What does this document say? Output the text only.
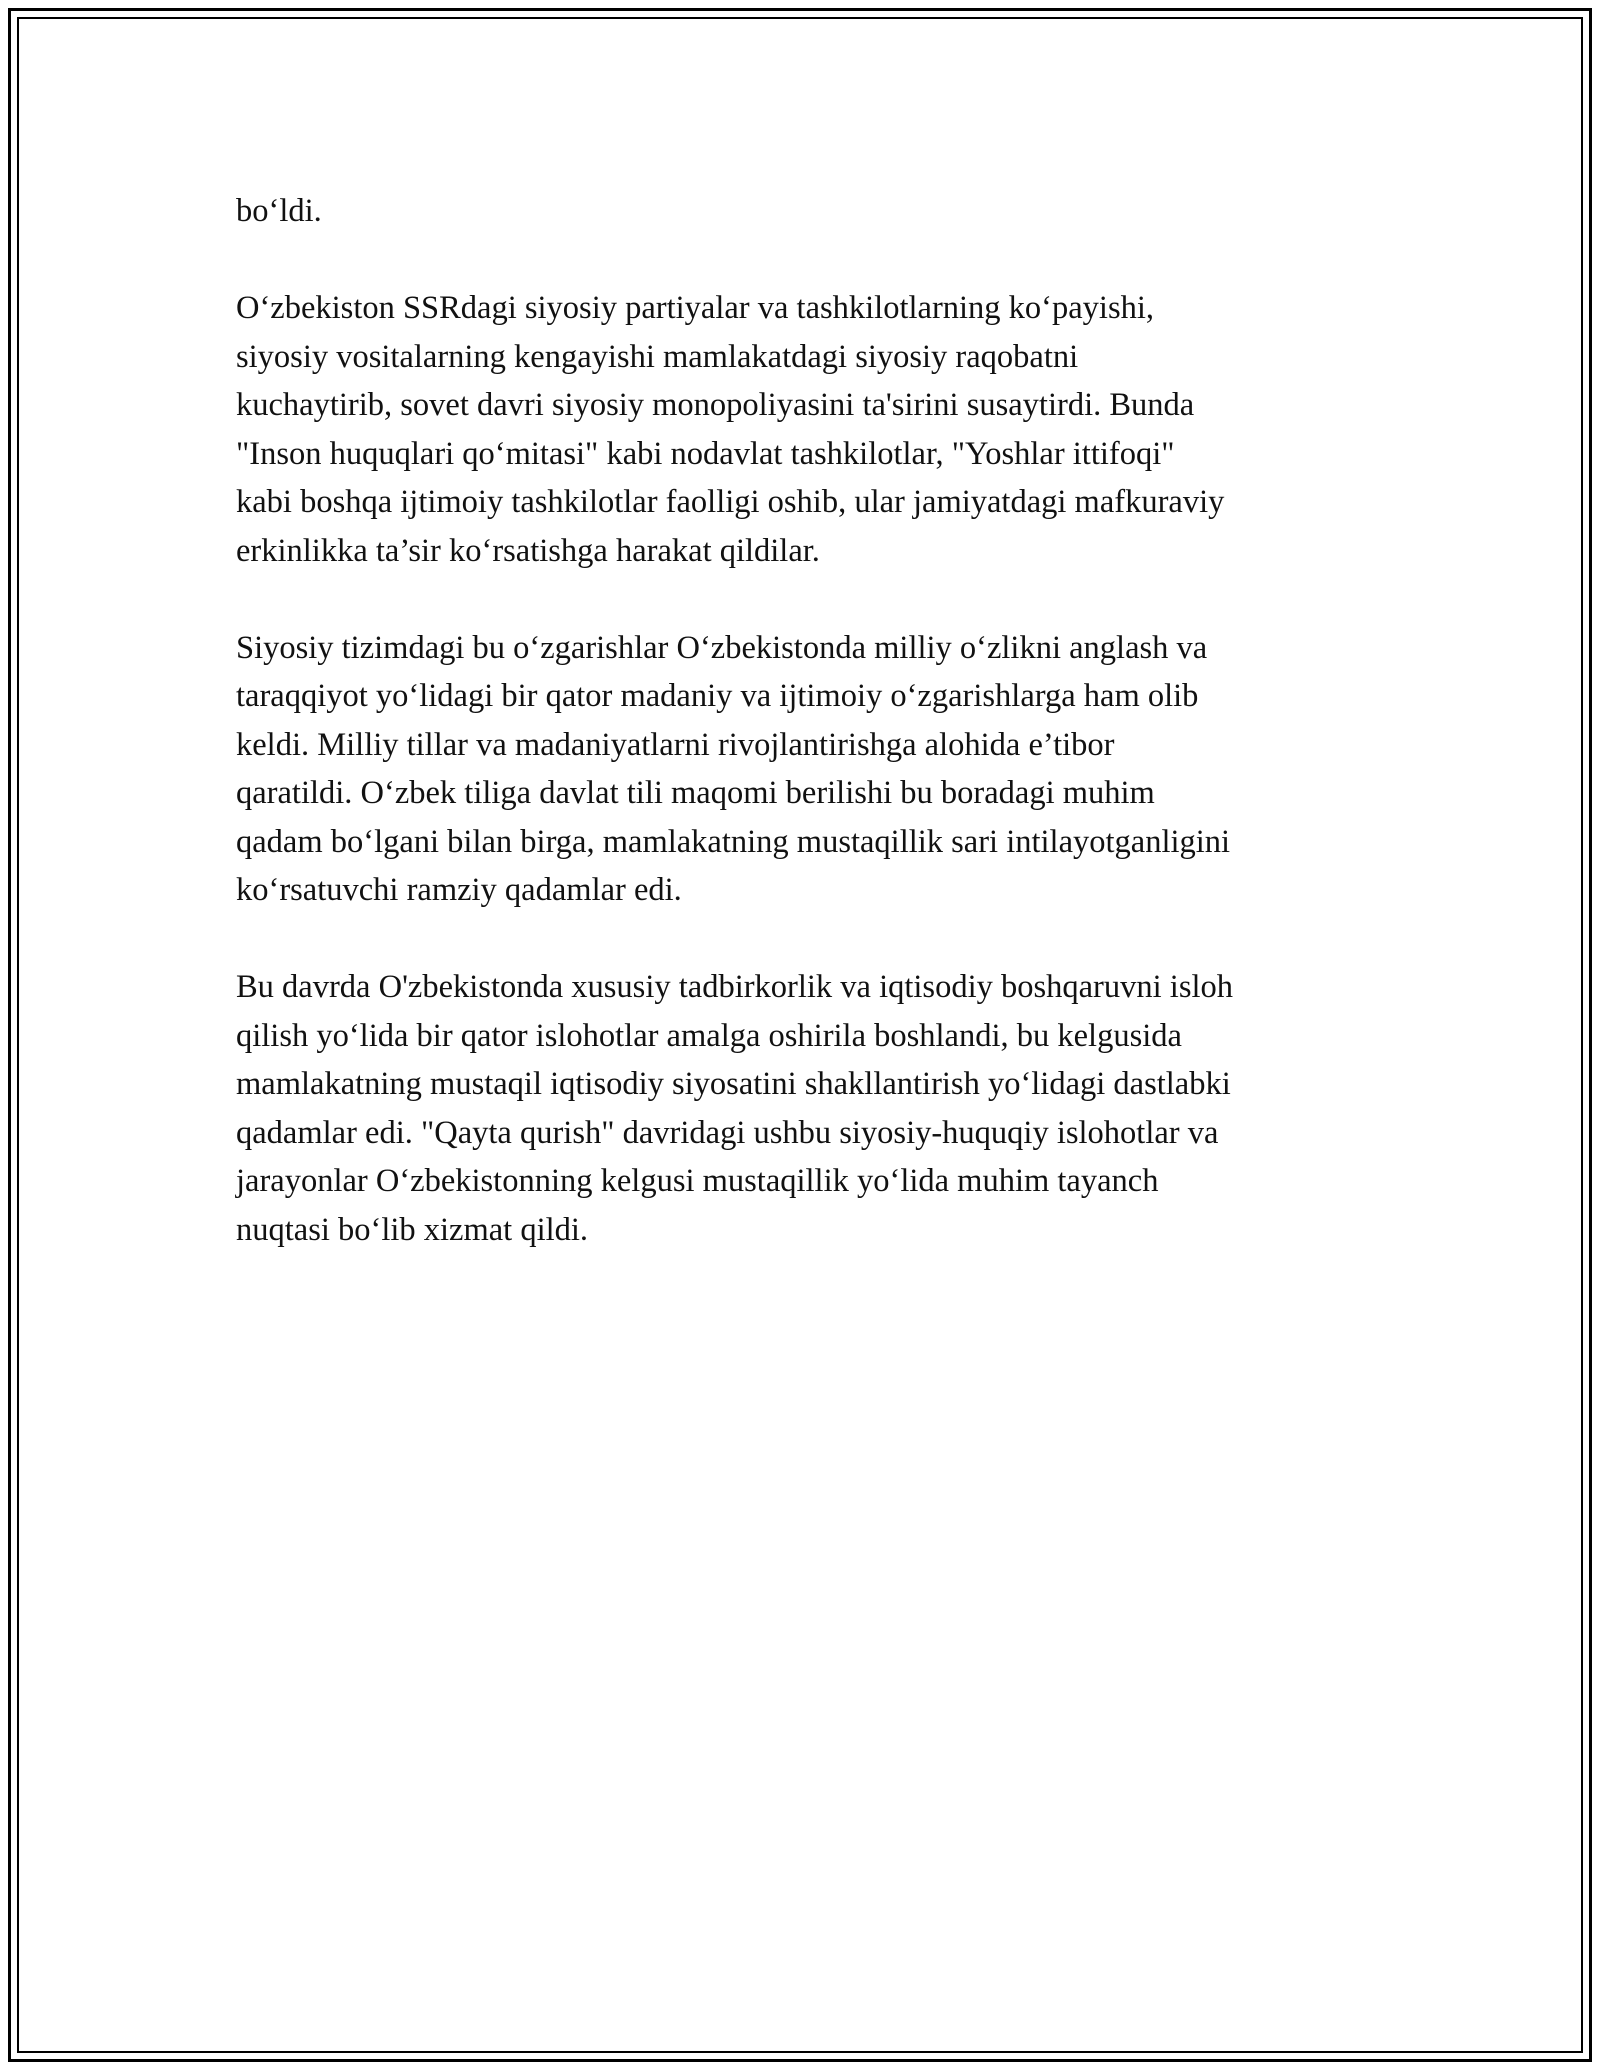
bo‘ldi.

O‘zbekiston SSRdagi siyosiy partiyalar va tashkilotlarning ko‘payishi,
siyosiy vositalarning kengayishi mamlakatdagi siyosiy raqobatni
kuchaytirib, sovet davri siyosiy monopoliyasini ta'sirini susaytirdi. Bunda
"Inson huquqlari qo‘mitasi" kabi nodavlat tashkilotlar, "Yoshlar ittifoqi"
kabi boshqa ijtimoiy tashkilotlar faolligi oshib, ular jamiyatdagi mafkuraviy
erkinlikka ta’sir ko‘rsatishga harakat qildilar.

Siyosiy tizimdagi bu o‘zgarishlar O‘zbekistonda milliy o‘zlikni anglash va
taraqqiyot yo‘lidagi bir qator madaniy va ijtimoiy o‘zgarishlarga ham olib
keldi. Milliy tillar va madaniyatlarni rivojlantirishga alohida e’tibor
qaratildi. O‘zbek tiliga davlat tili maqomi berilishi bu boradagi muhim
qadam bo‘lgani bilan birga, mamlakatning mustaqillik sari intilayotganligini
ko‘rsatuvchi ramziy qadamlar edi.

Bu davrda O'zbekistonda xususiy tadbirkorlik va iqtisodiy boshqaruvni isloh
qilish yo‘lida bir qator islohotlar amalga oshirila boshlandi, bu kelgusida
mamlakatning mustaqil iqtisodiy siyosatini shakllantirish yo‘lidagi dastlabki
qadamlar edi. "Qayta qurish" davridagi ushbu siyosiy-huquqiy islohotlar va
jarayonlar O‘zbekistonning kelgusi mustaqillik yo‘lida muhim tayanch
nuqtasi bo‘lib xizmat qildi.
